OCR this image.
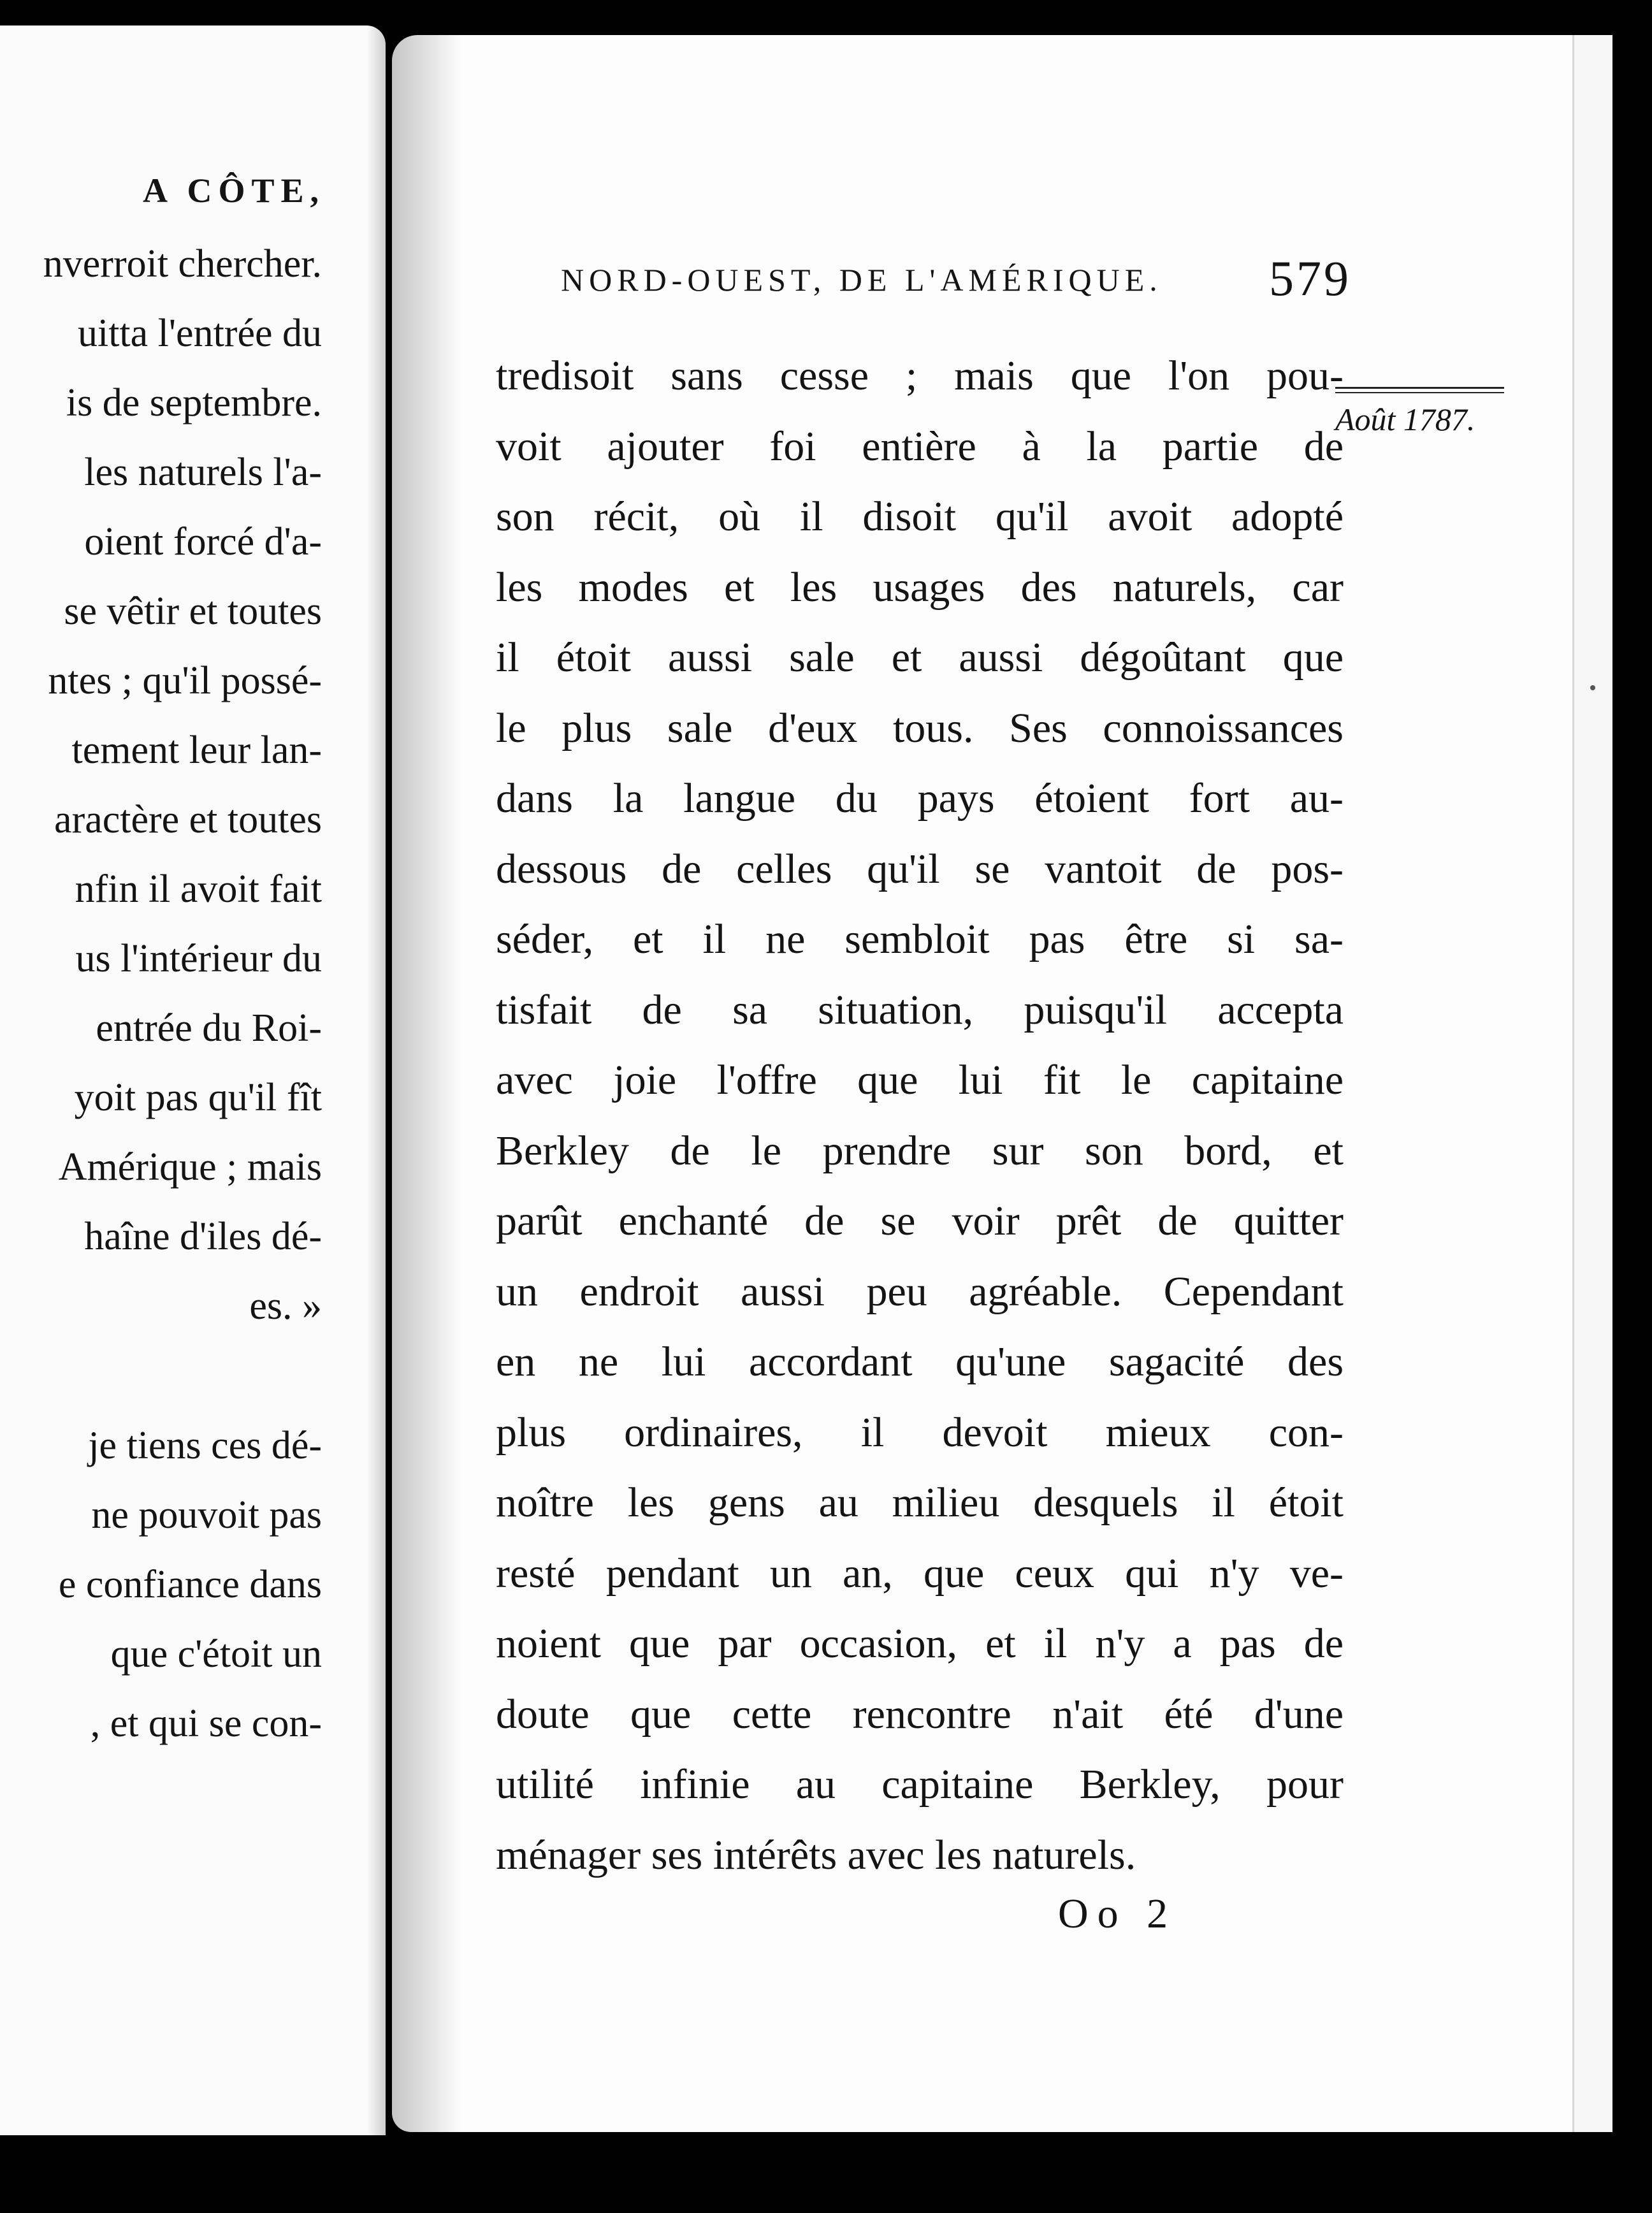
A CÔTE,
nverroit chercher.
uitta l'entrée du
is de septembre.
les naturels l'a-
oient forcé d'a-
se vêtir et toutes
ntes ; qu'il possé-
tement leur lan-
aractère et toutes
nfin il avoit fait
us l'intérieur du
entrée du Roi-
yoit pas qu'il fît
Amérique ; mais
haîne d'iles dé-
es. »
je tiens ces dé-
ne pouvoit pas
e confiance dans
que c'étoit un
, et qui se con-
NORD-OUEST, DE L'AMÉRIQUE. 579
tredisoit sans cesse ; mais que l'on pou-
voit ajouter foi entière à la partie de
son récit, où il disoit qu'il avoit adopté
les modes et les usages des naturels, car
il étoit aussi sale et aussi dégoûtant que
le plus sale d'eux tous. Ses connoissances
dans la langue du pays étoient fort au-
dessous de celles qu'il se vantoit de pos-
séder, et il ne sembloit pas être si sa-
tisfait de sa situation, puisqu'il accepta
avec joie l'offre que lui fit le capitaine
Berkley de le prendre sur son bord, et
parût enchanté de se voir prêt de quitter
un endroit aussi peu agréable. Cependant
en ne lui accordant qu'une sagacité des
plus ordinaires, il devoit mieux con-
noître les gens au milieu desquels il étoit
resté pendant un an, que ceux qui n'y ve-
noient que par occasion, et il n'y a pas de
doute que cette rencontre n'ait été d'une
utilité infinie au capitaine Berkley, pour
ménager ses intérêts avec les naturels.
Août 1787.
Oo 2
